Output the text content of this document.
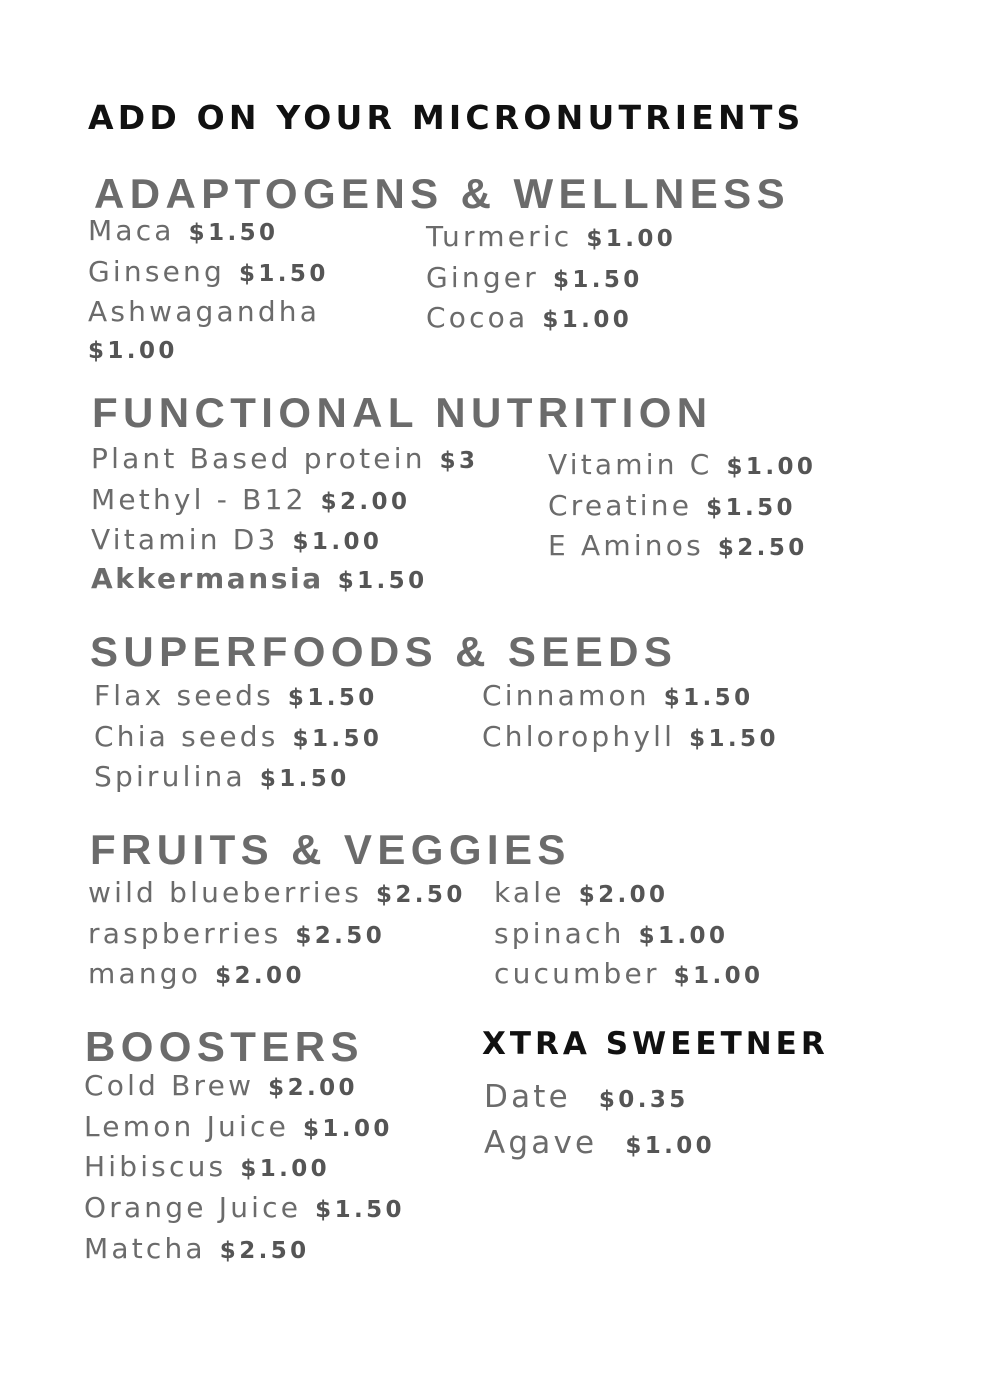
ADD ON YOUR MICRONUTRIENTS
ADAPTOGENS & WELLNESS
Maca $1.50
Ginseng $1.50
Ashwagandha
$1.00
Turmeric $1.00
Ginger $1.50
Cocoa $1.00
FUNCTIONAL NUTRITION
Plant Based protein $3
Methyl - B12 $2.00
Vitamin D3 $1.00
Akkermansia $1.50
Vitamin C $1.00
Creatine $1.50
E Aminos $2.50
SUPERFOODS & SEEDS
Flax seeds $1.50
Chia seeds $1.50
Spirulina $1.50
Cinnamon $1.50
Chlorophyll $1.50
FRUITS & VEGGIES
wild blueberries $2.50
raspberries $2.50
mango $2.00
kale $2.00
spinach $1.00
cucumber $1.00
BOOSTERS
Cold Brew $2.00
Lemon Juice $1.00
Hibiscus $1.00
Orange Juice $1.50
Matcha $2.50
XTRA SWEETNER
Date $0.35
Agave $1.00
